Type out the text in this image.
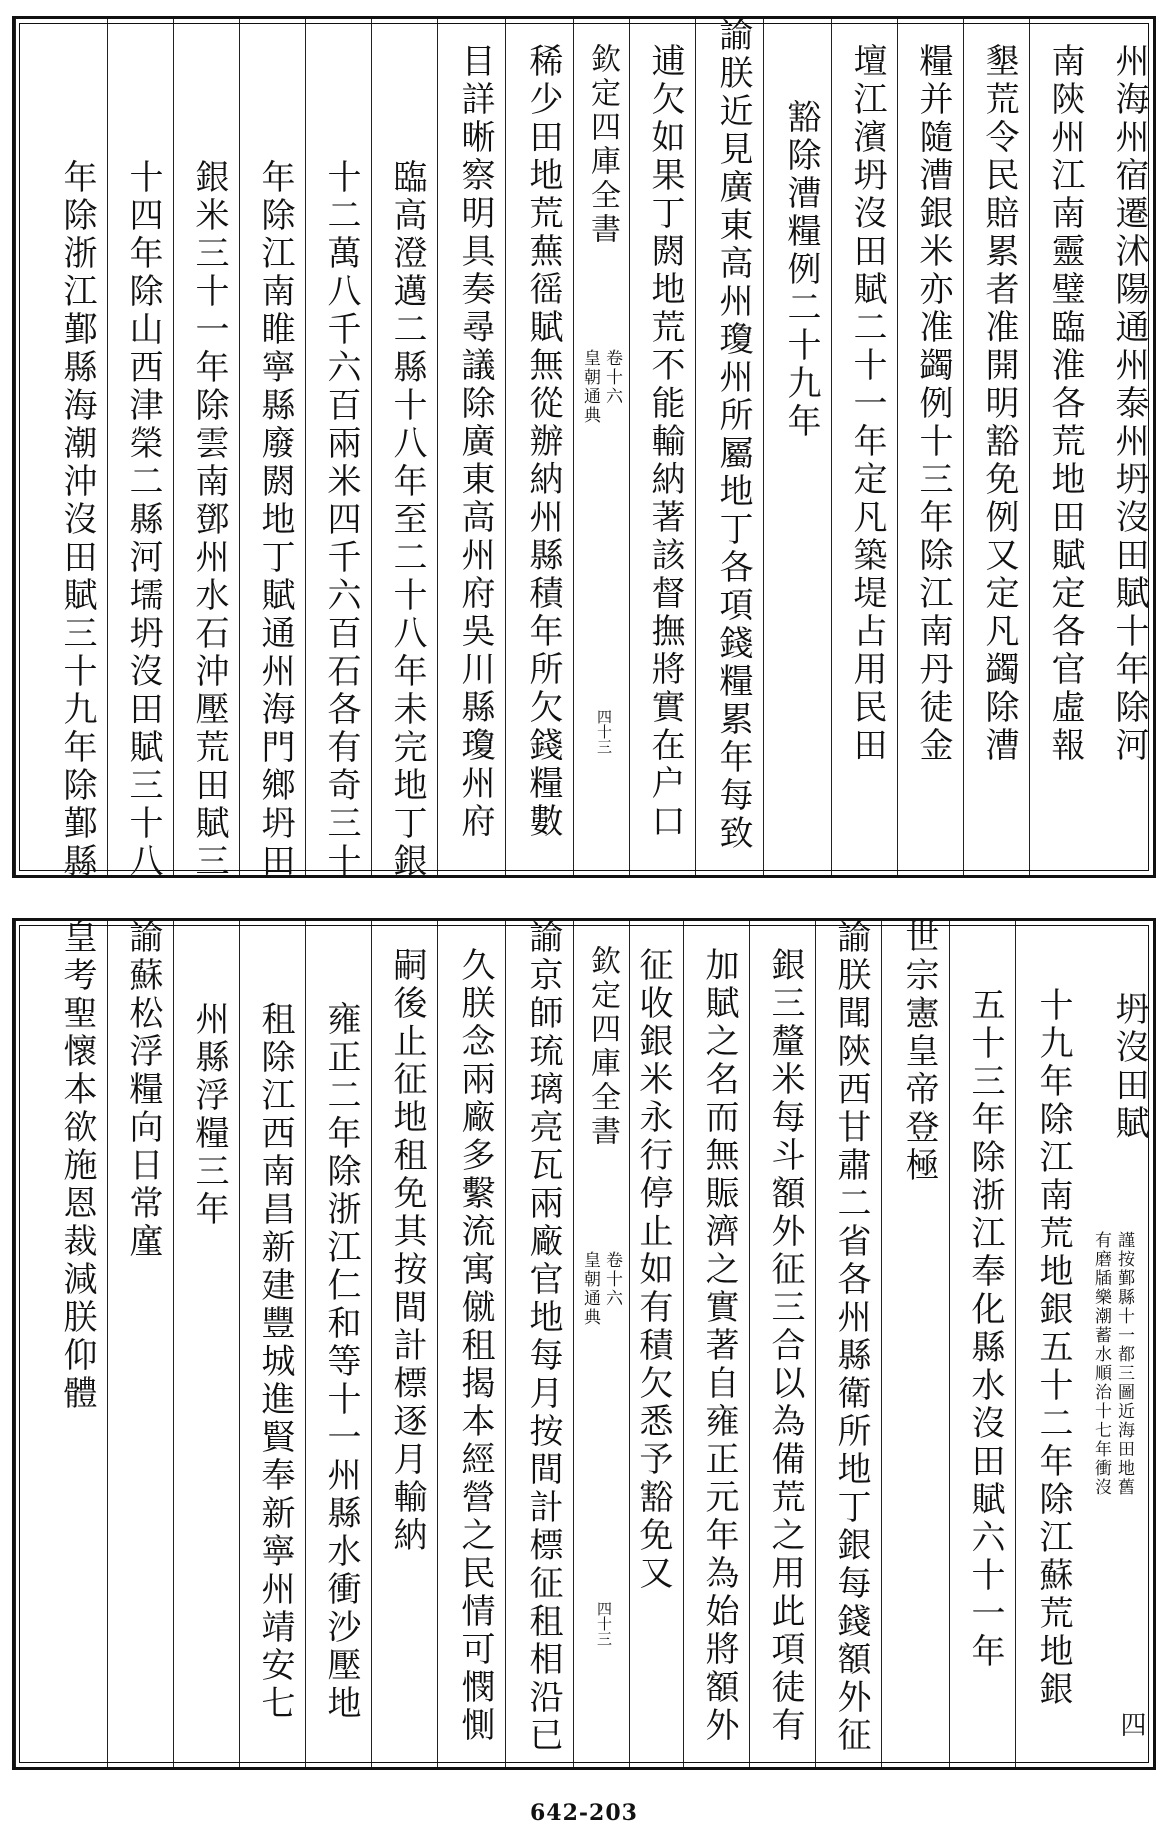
州海州宿遷沭陽通州泰州坍沒田賦十年除河
南陝州江南靈璧臨淮各荒地田賦定各官虛報
墾荒令民賠累者准開明豁免例又定凡蠲除漕
糧并隨漕銀米亦准蠲例十三年除江南丹徒金
壇江濱坍沒田賦二十一年定凡築堤占用民田
豁除漕糧例二十九年
諭朕近見廣東高州瓊州所屬地丁各項錢糧累年每致
逋欠如果丁閼地荒不能輸納著該督撫將實在户口
欽定四庫全書
皇朝通典 卷十六
四十三
稀少田地荒蕪徭賦無從辦納州縣積年所欠錢糧數
目詳晰察明具奏尋議除廣東高州府吳川縣瓊州府
臨高澄邁二縣十八年至二十八年未完地丁銀
十二萬八千六百兩米四千六百石各有奇三十
年除江南睢寧縣廢閼地丁賦通州海門鄉坍田
銀米三十一年除雲南鄧州水石沖壓荒田賦三
十四年除山西津榮二縣河壖坍沒田賦三十八
年除浙江鄞縣海潮沖沒田賦三十九年除鄞縣
坍沒田賦
謹按鄞縣十一都三圖近海田地舊
有磨牐樂潮蓄水順治十七年衝沒
四
十九年除江南荒地銀五十二年除江蘇荒地銀
五十三年除浙江奉化縣水沒田賦六十一年
世宗憲皇帝登極
諭朕聞陝西甘肅二省各州縣衛所地丁銀每錢額外征
銀三釐米每斗額外征三合以為備荒之用此項徒有
加賦之名而無賑濟之實著自雍正元年為始將額外
征收銀米永行停止如有積欠悉予豁免又
欽定四庫全書
皇朝通典 卷十六
四十三
諭京師琉璃亮瓦兩廠官地每月按間計標征租相沿已
久朕念兩廠多繫流寓僦租揭本經營之民情可憫惻
嗣後止征地租免其按間計標逐月輸納
雍正二年除浙江仁和等十一州縣水衝沙壓地
租除江西南昌新建豐城進賢奉新寧州靖安七
州縣浮糧三年
諭蘇松浮糧向日常廑
皇考聖懷本欲施恩裁減朕仰體
642-203
